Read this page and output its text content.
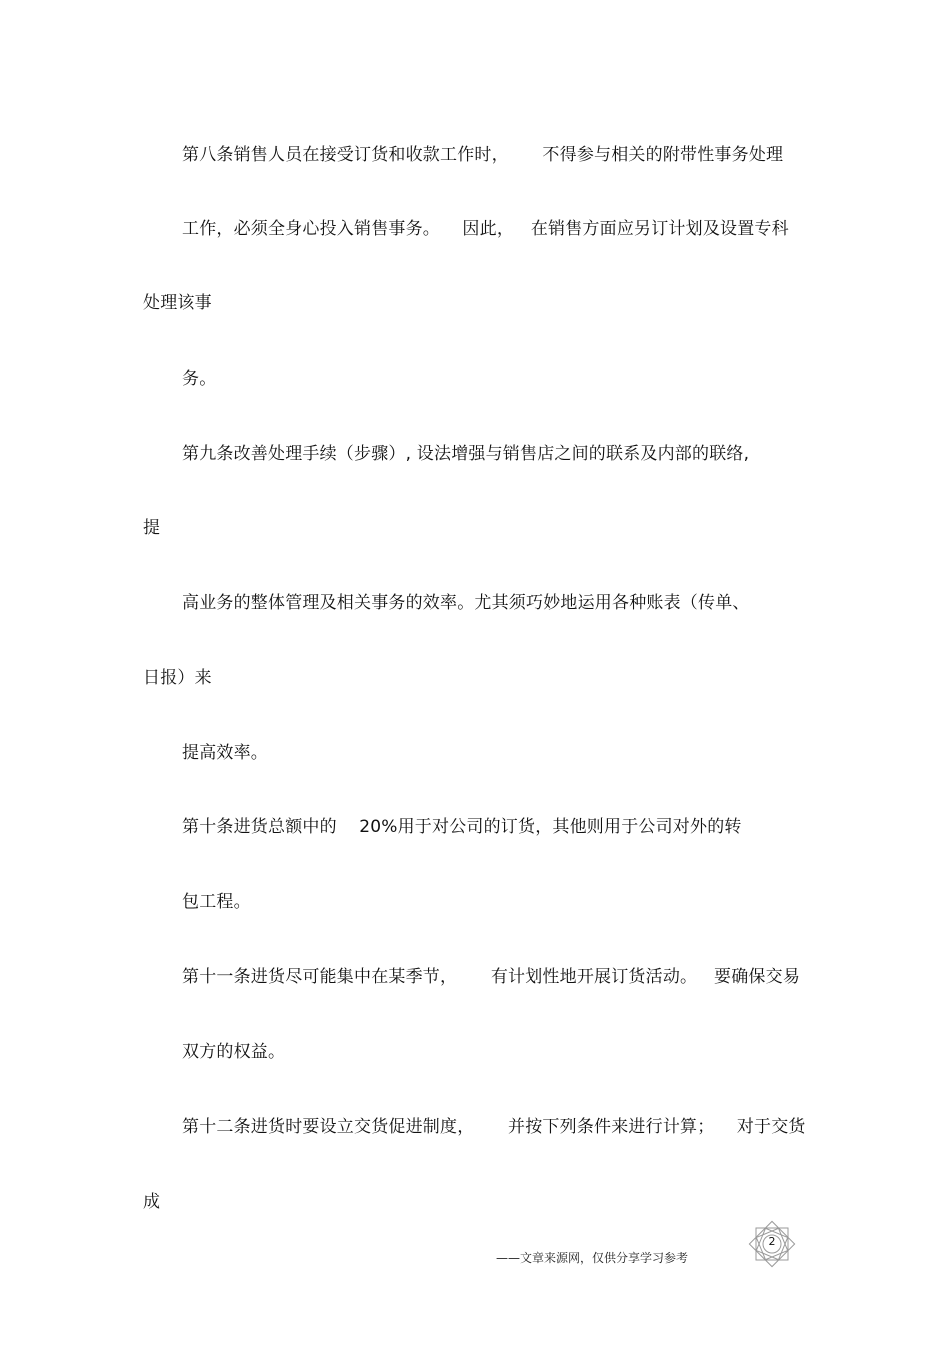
第八条销售人员在接受订货和收款工作时，      不得参与相关的附带性事务处理
工作，必须全身心投入销售事务。    因此，   在销售方面应另订计划及设置专科
处理该事
务。
第九条改善处理手续（步骤）, 设法增强与销售店之间的联系及内部的联络,
提
高业务的整体管理及相关事务的效率。尤其须巧妙地运用各种账表（传单、
日报）来
提高效率。
第十条进货总额中的    20%用于对公司的订货，其他则用于公司对外的转
包工程。
第十一条进货尽可能集中在某季节，      有计划性地开展订货活动。   要确保交易
双方的权益。
第十二条进货时要设立交货促进制度，      并按下列条件来进行计算；    对于交货
成
2
——文章来源网，仅供分享学习参考
